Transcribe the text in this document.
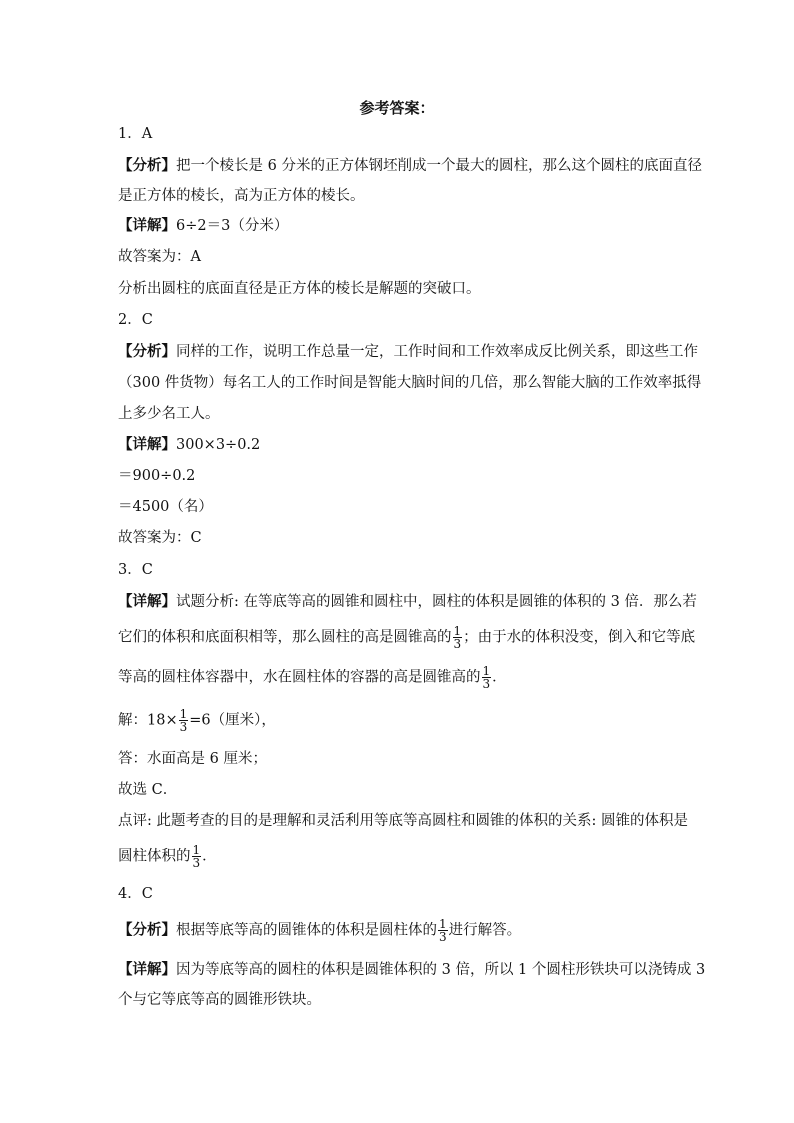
参考答案：
1．A
【分析】把一个棱长是 6 分米的正方体钢坯削成一个最大的圆柱，那么这个圆柱的底面直径
是正方体的棱长，高为正方体的棱长。
【详解】6÷2＝3（分米）
故答案为：A
分析出圆柱的底面直径是正方体的棱长是解题的突破口。
2．C
【分析】同样的工作，说明工作总量一定，工作时间和工作效率成反比例关系，即这些工作
（300 件货物）每名工人的工作时间是智能大脑时间的几倍，那么智能大脑的工作效率抵得
上多少名工人。
【详解】300×3÷0.2
＝900÷0.2
＝4500（名）
故答案为：C
3．C
【详解】试题分析: 在等底等高的圆锥和圆柱中，圆柱的体积是圆锥的体积的 3 倍．那么若
它们的体积和底面积相等，那么圆柱的高是圆锥高的 $\frac{1}{3}$ ；由于水的体积没变，倒入和它等底
等高的圆柱体容器中，水在圆柱体的容器的高是圆锥高的 $\frac{1}{3}$ ．
解：$18\times \frac{1}{3} =6$（厘米），
答：水面高是 6 厘米；
故选 C．
点评: 此题考查的目的是理解和灵活利用等底等高圆柱和圆锥的体积的关系: 圆锥的体积是
圆柱体积的 $\frac{1}{3}$ ．
4．C
【分析】根据等底等高的圆锥体的体积是圆柱体的 $\frac{1}{3}$ 进行解答。
【详解】因为等底等高的圆柱的体积是圆锥体积的 3 倍，所以 1 个圆柱形铁块可以浇铸成 3
个与它等底等高的圆锥形铁块。
